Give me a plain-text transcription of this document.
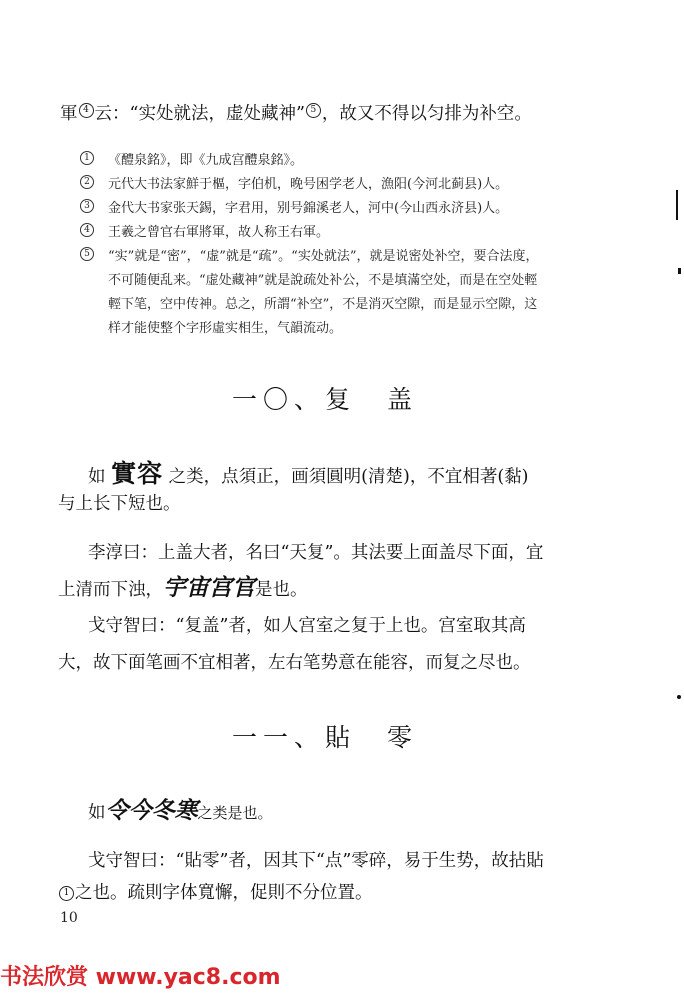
軍 4 云：“实处就法，虚处藏神” 5 ，故又不得以匀排为补空。
1	《醴泉銘》，即《九成宫醴泉銘》。
2	元代大书法家鮮于樞，字伯机，晚号困学老人，漁阳(今河北蓟县)人。
3	金代大书家张天錫，字君用，别号錦溪老人，河中(今山西永济县)人。
4	王羲之曾官右軍將軍，故人称王右軍。
5	“实”就是“密”，“虚”就是“疏”。“实处就法”，就是说密处补空，要合法度，
不可随便乱来。“虚处藏神”就是說疏处补公，不是填滿空处，而是在空处輕
輕下笔，空中传神。总之，所謂“补空”，不是消灭空隙，而是显示空隙，这
样才能使整个字形虛实相生，气韻流动。
一〇、复　盖
如 實容 之类，点須正，画須圓明(清楚)，不宜相著(黏)
与上长下短也。
李淳曰：上盖大者，名曰“天复”。其法要上面盖尽下面，宜
上清而下浊，宇宙宫官是也。
戈守智曰：“复盖”者，如人宫室之复于上也。宫室取其高
大，故下面笔画不宜相著，左右笔势意在能容，而复之尽也。
一一、貼　零
如令今冬寒之类是也。
戈守智曰：“貼零”者，因其下“点”零碎，易于生势，故拈貼
1 之也。疏則字体寬懈，促則不分位置。
10
书法欣赏 www.yac8.com
